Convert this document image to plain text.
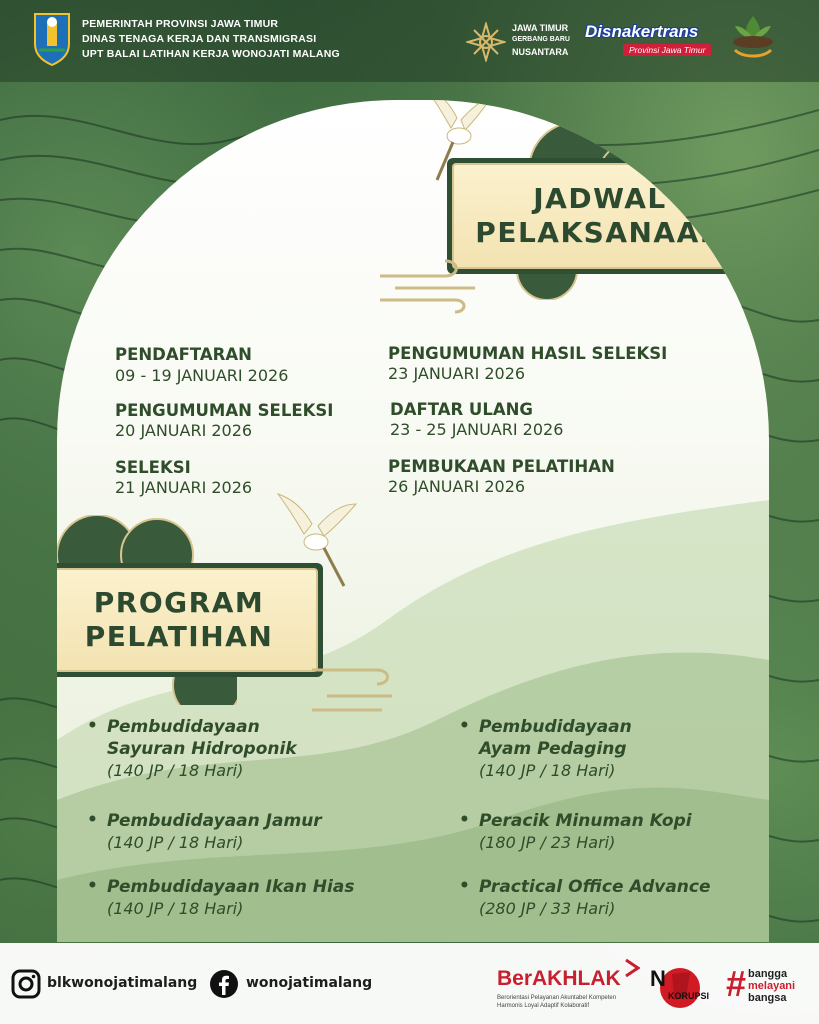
PEMERINTAH PROVINSI JAWA TIMUR
DINAS TENAGA KERJA DAN TRANSMIGRASI
UPT BALAI LATIHAN KERJA WONOJATI MALANG
JAWA TIMUR
GERBANG BARU
NUSANTARA
Disnakertrans
Provinsi Jawa Timur
JADWAL
PELAKSANAAN
PENDAFTARAN
09 - 19 JANUARI 2026
PENGUMUMAN SELEKSI
20 JANUARI 2026
SELEKSI
21 JANUARI 2026
PENGUMUMAN HASIL SELEKSI
23 JANUARI 2026
DAFTAR ULANG
23 - 25 JANUARI 2026
PEMBUKAAN PELATIHAN
26 JANUARI 2026
PROGRAM
PELATIHAN
• Pembudidayaan
Sayuran Hidroponik
(140 JP / 18 Hari)
• Pembudidayaan Jamur
(140 JP / 18 Hari)
• Pembudidayaan Ikan Hias
(140 JP / 18 Hari)
• Pembudidayaan
Ayam Pedaging
(140 JP / 18 Hari)
• Peracik Minuman Kopi
(180 JP / 23 Hari)
• Practical Office Advance
(280 JP / 33 Hari)
blkwonojatimalang	wonojatimalang	BerAKHLAK
Berorientasi Pelayanan Akuntabel Kompeten
Harmonis Loyal Adaptif Kolaboratif
N
KORUPSI # bangga
melayani
bangsa
